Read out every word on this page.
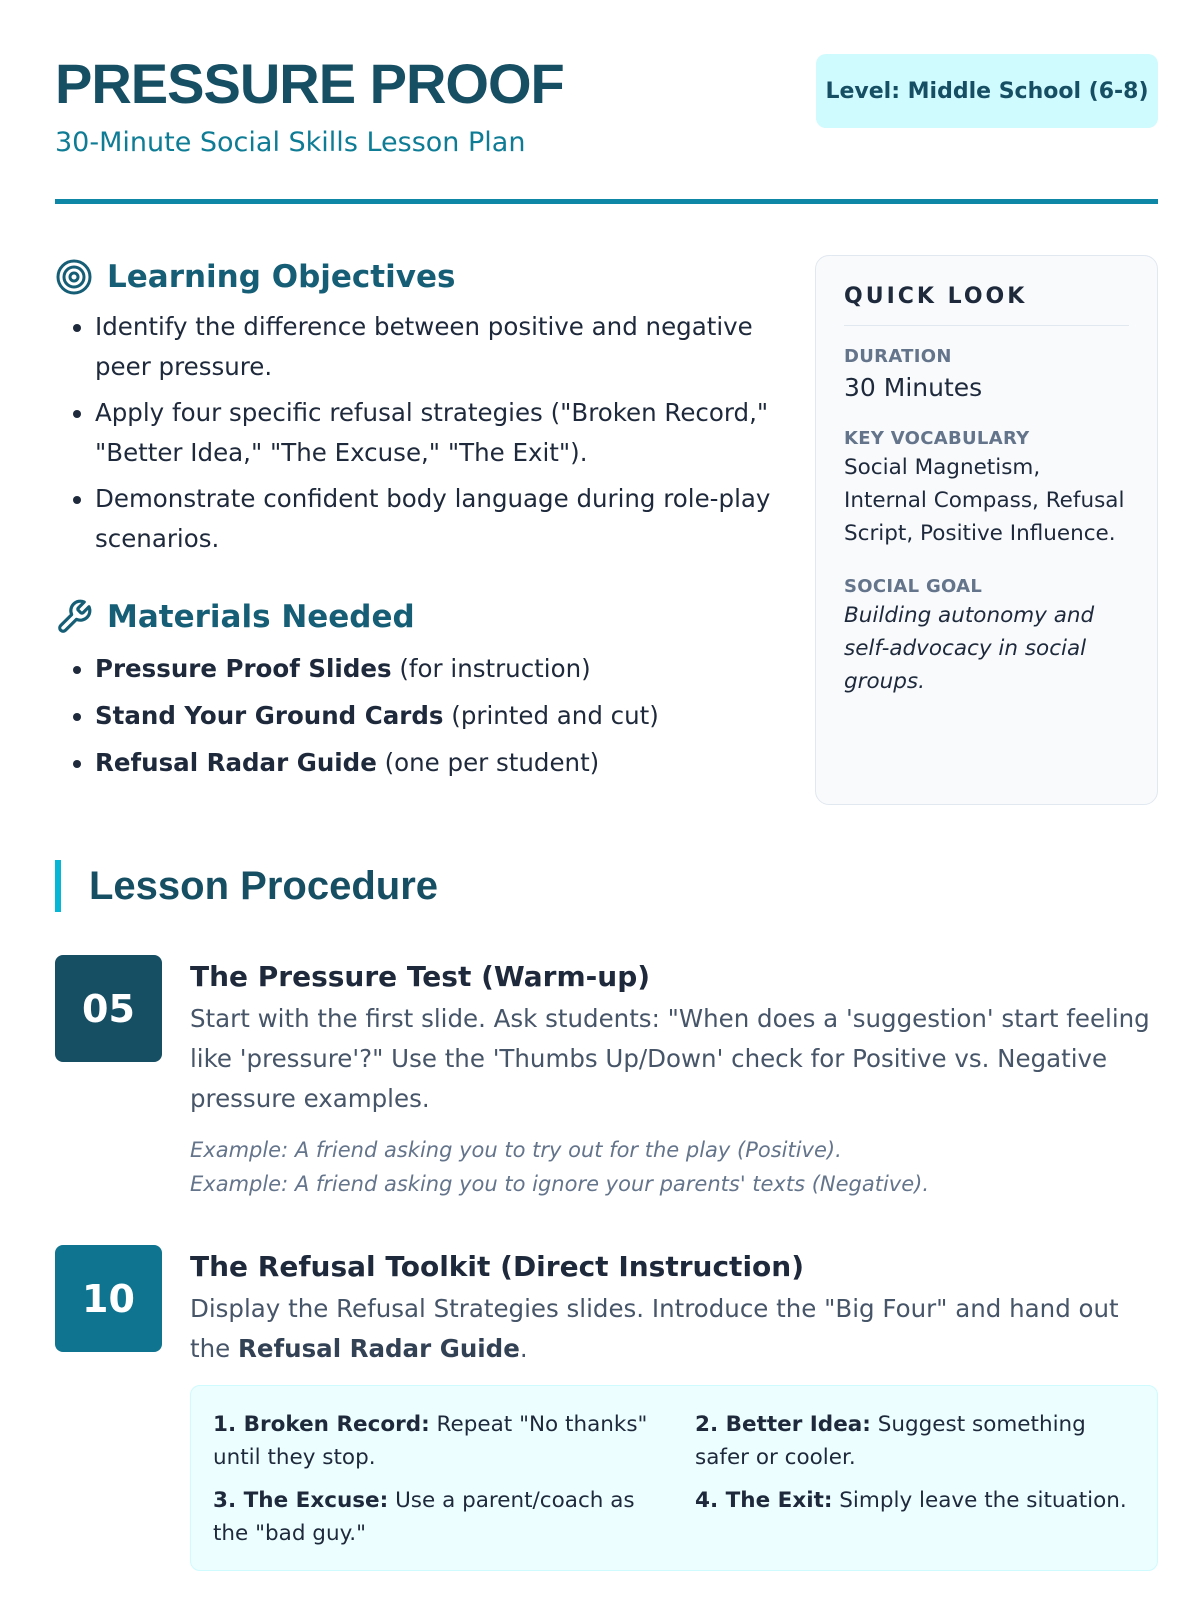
PRESSURE PROOF
30-Minute Social Skills Lesson Plan
Level: Middle School (6-8)
Learning Objectives
• Identify the difference between positive and negative peer pressure.
• Apply four specific refusal strategies ("Broken Record," "Better Idea," "The Excuse," "The Exit").
• Demonstrate confident body language during role-play scenarios.
Materials Needed
• Pressure Proof Slides (for instruction)
• Stand Your Ground Cards (printed and cut)
• Refusal Radar Guide (one per student)
QUICK LOOK
DURATION
30 Minutes
KEY VOCABULARY
Social Magnetism, Internal Compass, Refusal Script, Positive Influence.
SOCIAL GOAL
Building autonomy and self-advocacy in social groups.
Lesson Procedure
05
The Pressure Test (Warm-up)
Start with the first slide. Ask students: "When does a 'suggestion' start feeling like 'pressure'?" Use the 'Thumbs Up/Down' check for Positive vs. Negative pressure examples.
Example: A friend asking you to try out for the play (Positive).
Example: A friend asking you to ignore your parents' texts (Negative).
10
The Refusal Toolkit (Direct Instruction)
Display the Refusal Strategies slides. Introduce the "Big Four" and hand out the Refusal Radar Guide.
1. Broken Record: Repeat "No thanks" until they stop.
2. Better Idea: Suggest something safer or cooler.
3. The Excuse: Use a parent/coach as the "bad guy."
4. The Exit: Simply leave the situation.
